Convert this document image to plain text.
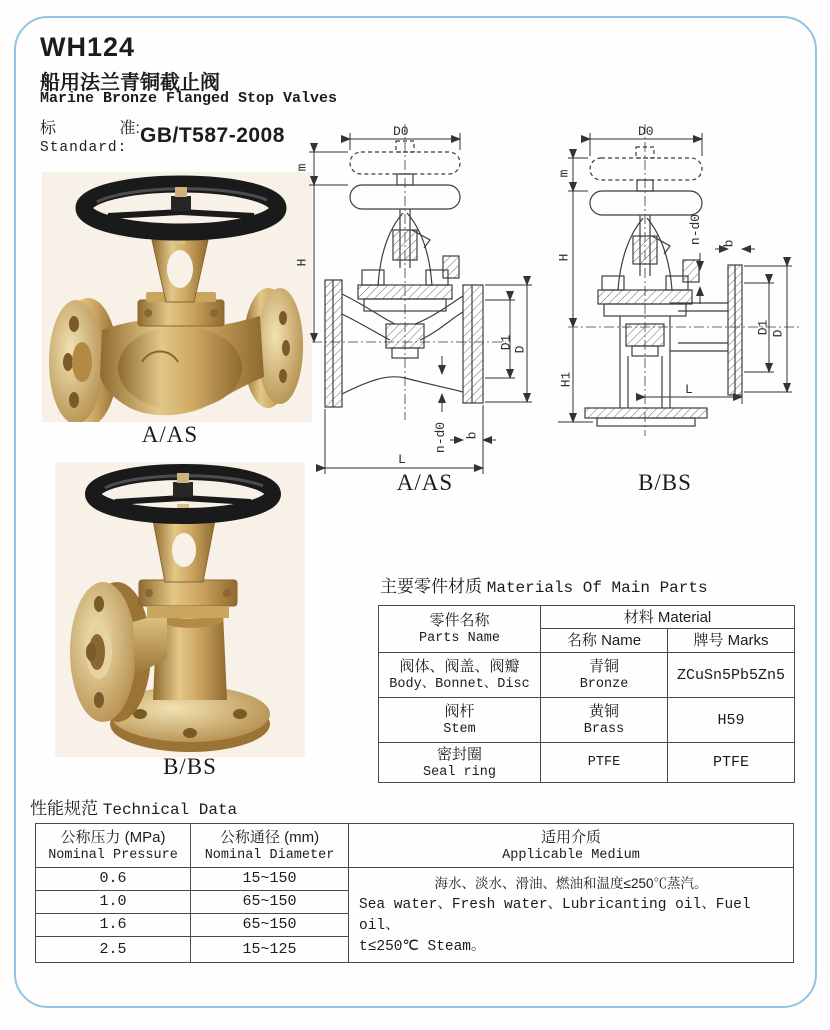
WH124
船用法兰青铜截止阀
Marine Bronze Flanged Stop Valves
标	准:
Standard:
GB/T587-2008
A/AS
B/BS
D0
m
H
D1 D
n-d0 b
L
A/AS
D0
m
H
H1
n-d0 b
D1 D
L
B/BS
主要零件材质 Materials Of Main Parts
零件名称
Parts Name	材料 Material	

	名称 Name	牌号 Marks

阀体、阀盖、阀瓣
Body、Bonnet、Disc	青铜
Bronze	ZCuSn5Pb5Zn5

阀杆
Stem	黄铜
Brass	H59

密封圈
Seal ring	PTFE	PTFE
性能规范 Technical Data
公称压力 (MPa)
Nominal Pressure	公称通径 (mm)
Nominal Diameter	适用介质
Applicable Medium

0.6	15~150	海水、淡水、滑油、燃油和温度≤250℃蒸汽。
Sea water、Fresh water、Lubricanting oil、Fuel oil、
t≤250℃ Steam。

1.0	65~150	
1.6	65~150	
2.5	15~125	
